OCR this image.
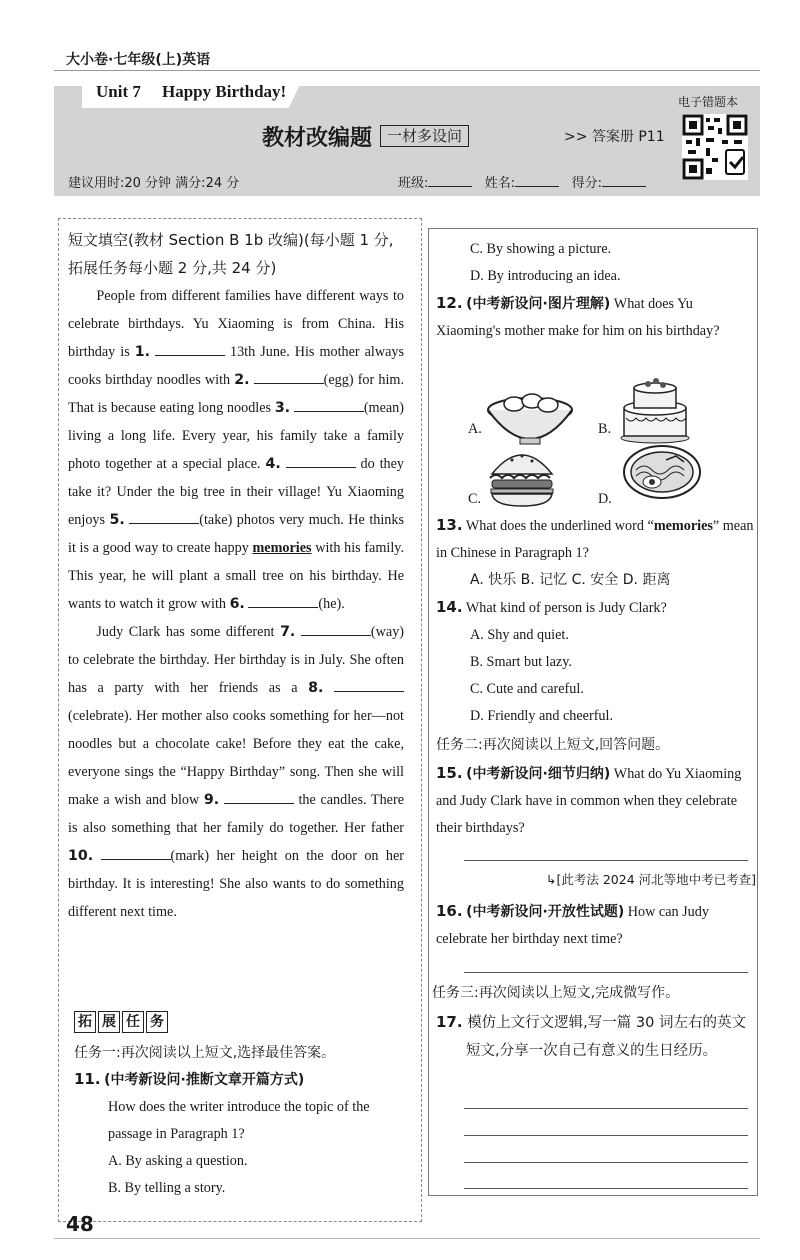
大小卷·七年级(上)英语
Unit 7 Happy Birthday!
教材改编题 一材多设问	>> 答案册 P11
电子错题本
建议用时:20 分钟 满分:24 分	班级:	姓名:	得分:
短文填空(教材 Section B 1b 改编)(每小题 1 分,拓展任务每小题 2 分,共 24 分)

People from different families have different ways to celebrate birthdays. Yu Xiaoming is from China. His birthday is 1.	13th June. His mother always cooks birthday noodles with 2.	(egg) for him. That is because eating long noodles 3.	(mean) living a long life. Every year, his family take a family photo together at a special place. 4.	do they take it? Under the big tree in their village! Yu Xiaoming enjoys 5.	(take) photos very much. He thinks it is a good way to create happy memories with his family. This year, he will plant a small tree on his birthday. He wants to watch it grow with 6.	(he).

Judy Clark has some different 7.	(way) to celebrate the birthday. Her birthday is in July. She often has a party with her friends as a 8. (celebrate). Her mother also cooks something for her—not noodles but a chocolate cake! Before they eat the cake, everyone sings the “Happy Birthday” song. Then she will make a wish and blow 9.	the candles. There is also something that her family do together. Her father 10.	(mark) her height on the door on her birthday. It is interesting! She also wants to do something different next time.

拓 展 任 务
任务一:再次阅读以上短文,选择最佳答案。
11. (中考新设问·推断文章开篇方式)
How does the writer introduce the topic of the passage in Paragraph 1?
A. By asking a question.
B. By telling a story.
C. By showing a picture.
D. By introducing an idea.
12. (中考新设问·图片理解) What does Yu Xiaoming's mother make for him on his birthday?
A.	B.
C.	D.
13. What does the underlined word “memories” mean in Chinese in Paragraph 1?
A. 快乐 B. 记忆 C. 安全 D. 距离
14. What kind of person is Judy Clark?
A. Shy and quiet.
B. Smart but lazy.
C. Cute and careful.
D. Friendly and cheerful.
任务二:再次阅读以上短文,回答问题。
15. (中考新设问·细节归纳) What do Yu Xiaoming and Judy Clark have in common when they celebrate their birthdays?
↳[此考法 2024 河北等地中考已考查]
16. (中考新设问·开放性试题) How can Judy celebrate her birthday next time?
任务三:再次阅读以上短文,完成微写作。
17. 模仿上文行文逻辑,写一篇 30 词左右的英文短文,分享一次自己有意义的生日经历。
48
